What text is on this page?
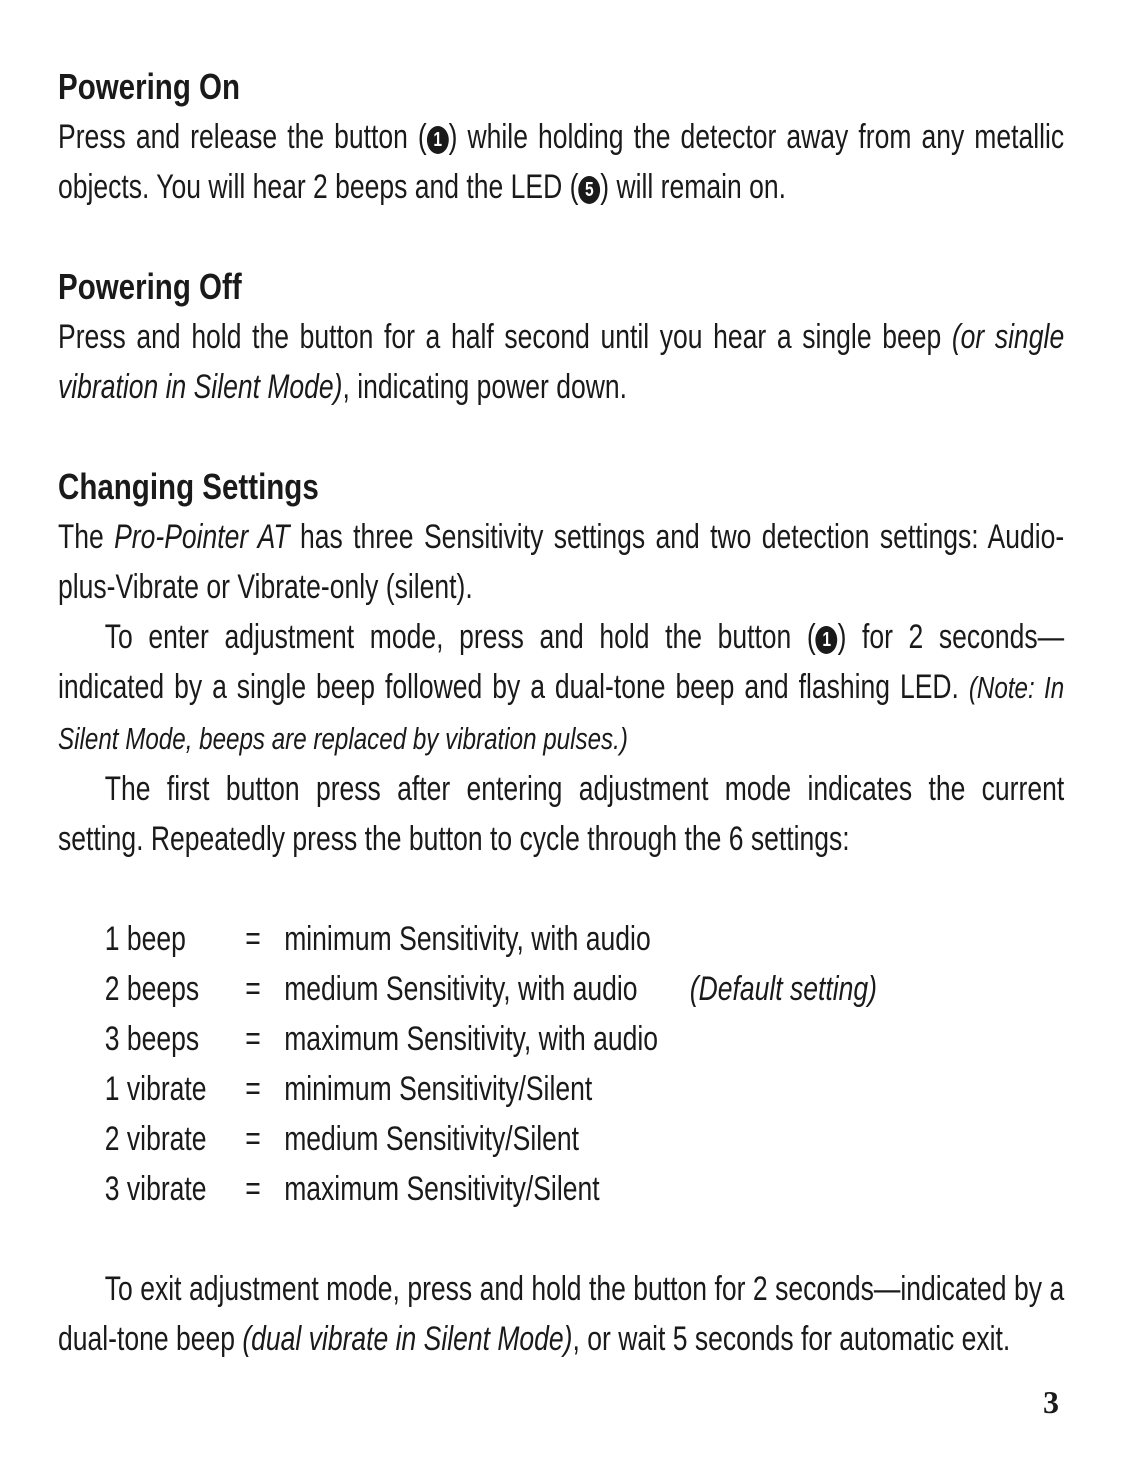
Powering On

Press and release the button ( 1 ) while holding the detector away from any metallic objects. You will hear 2 beeps and the LED ( 5 ) will remain on.

Powering Off

Press and hold the button for a half second until you hear a single beep (or single vibration in Silent Mode), indicating power down.

Changing Settings

The Pro-Pointer AT has three Sensitivity settings and two detection settings: Audio-plus-Vibrate or Vibrate-only (silent).

To enter adjustment mode, press and hold the button ( 1 ) for 2 seconds—indicated by a single beep followed by a dual-tone beep and flashing LED. (Note: In Silent Mode, beeps are replaced by vibration pulses.)

The first button press after entering adjustment mode indicates the current setting. Repeatedly press the button to cycle through the 6 settings:

1 beep	= minimum Sensitivity, with audio
2 beeps	= medium Sensitivity, with audio	(Default setting)
3 beeps	= maximum Sensitivity, with audio
1 vibrate	= minimum Sensitivity/Silent
2 vibrate	= medium Sensitivity/Silent
3 vibrate	= maximum Sensitivity/Silent

To exit adjustment mode, press and hold the button for 2 seconds—indicated by a dual-tone beep (dual vibrate in Silent Mode), or wait 5 seconds for automatic exit.

3
